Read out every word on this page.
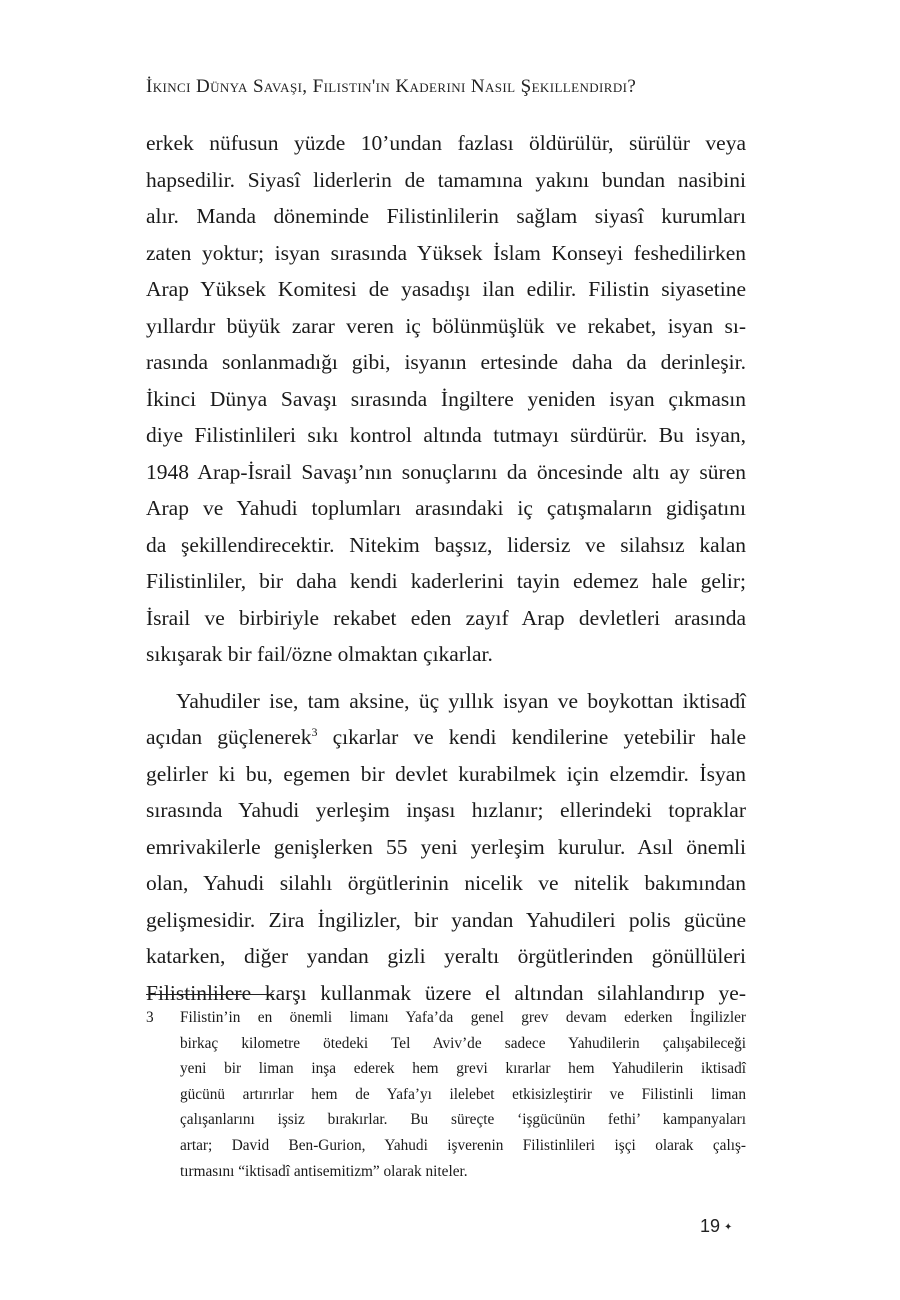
İkinci Dünya Savaşı, Filistin'in Kaderini Nasıl Şekillendirdi?
erkek nüfusun yüzde 10’undan fazlası öldürülür, sürülür veya
hapsedilir. Siyasî liderlerin de tamamına yakını bundan nasibini
alır. Manda döneminde Filistinlilerin sağlam siyasî kurumları
zaten yoktur; isyan sırasında Yüksek İslam Konseyi feshedilirken
Arap Yüksek Komitesi de yasadışı ilan edilir. Filistin siyasetine
yıllardır büyük zarar veren iç bölünmüşlük ve rekabet, isyan sı-
rasında sonlanmadığı gibi, isyanın ertesinde daha da derinleşir.
İkinci Dünya Savaşı sırasında İngiltere yeniden isyan çıkmasın
diye Filistinlileri sıkı kontrol altında tutmayı sürdürür. Bu isyan,
1948 Arap-İsrail Savaşı’nın sonuçlarını da öncesinde altı ay süren
Arap ve Yahudi toplumları arasındaki iç çatışmaların gidişatını
da şekillendirecektir. Nitekim başsız, lidersiz ve silahsız kalan
Filistinliler, bir daha kendi kaderlerini tayin edemez hale gelir;
İsrail ve birbiriyle rekabet eden zayıf Arap devletleri arasında
sıkışarak bir fail/özne olmaktan çıkarlar.
Yahudiler ise, tam aksine, üç yıllık isyan ve boykottan iktisadî
açıdan güçlenerek$^3$ çıkarlar ve kendi kendilerine yetebilir hale
gelirler ki bu, egemen bir devlet kurabilmek için elzemdir. İsyan
sırasında Yahudi yerleşim inşası hızlanır; ellerindeki topraklar
emrivakilerle genişlerken 55 yeni yerleşim kurulur. Asıl önemli
olan, Yahudi silahlı örgütlerinin nicelik ve nitelik bakımından
gelişmesidir. Zira İngilizler, bir yandan Yahudileri polis gücüne
katarken, diğer yandan gizli yeraltı örgütlerinden gönüllüleri
Filistinlilere karşı kullanmak üzere el altından silahlandırıp ye-
3 Filistin’in en önemli limanı Yafa’da genel grev devam ederken İngilizler
birkaç kilometre ötedeki Tel Aviv’de sadece Yahudilerin çalışabileceği
yeni bir liman inşa ederek hem grevi kırarlar hem Yahudilerin iktisadî
gücünü artırırlar hem de Yafa’yı ilelebet etkisizleştirir ve Filistinli liman
çalışanlarını işsiz bırakırlar. Bu süreçte ‘işgücünün fethi’ kampanyaları
artar; David Ben-Gurion, Yahudi işverenin Filistinlileri işçi olarak çalış-
tırmasını “iktisadî antisemitizm” olarak niteler.
19 ✦
